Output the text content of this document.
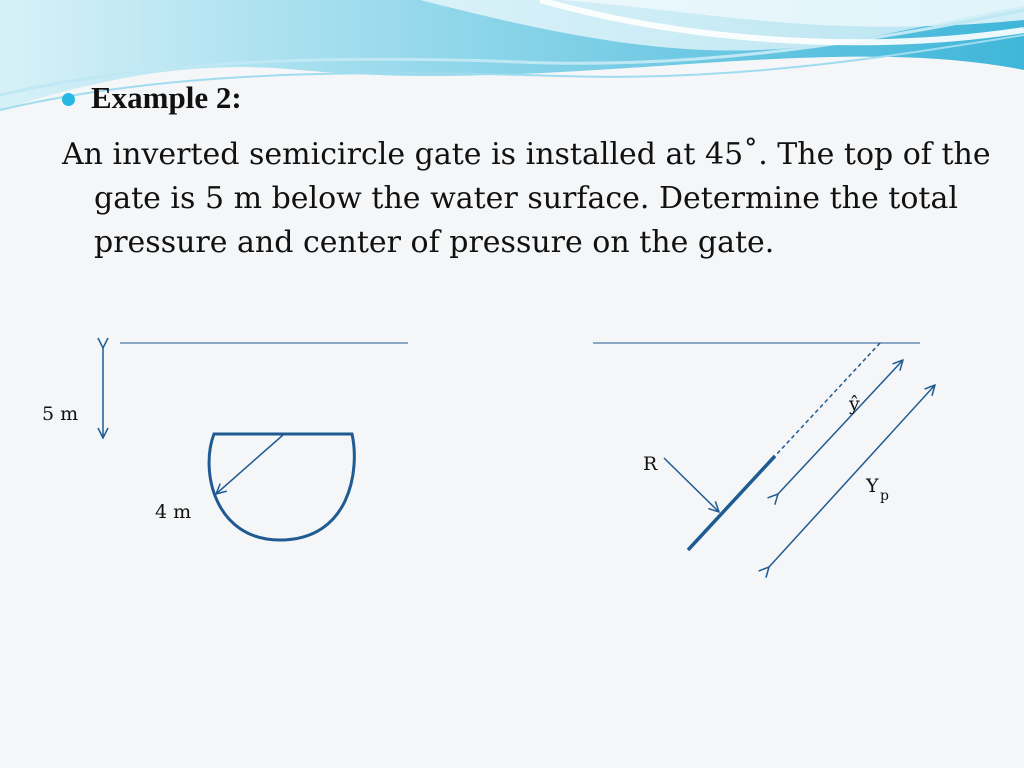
Example 2:

An inverted semicircle gate is installed at 45˚. The top of the gate is 5 m below the water surface. Determine the total pressure and center of pressure on the gate.

5 m
4 m
R
ŷ
Y p
